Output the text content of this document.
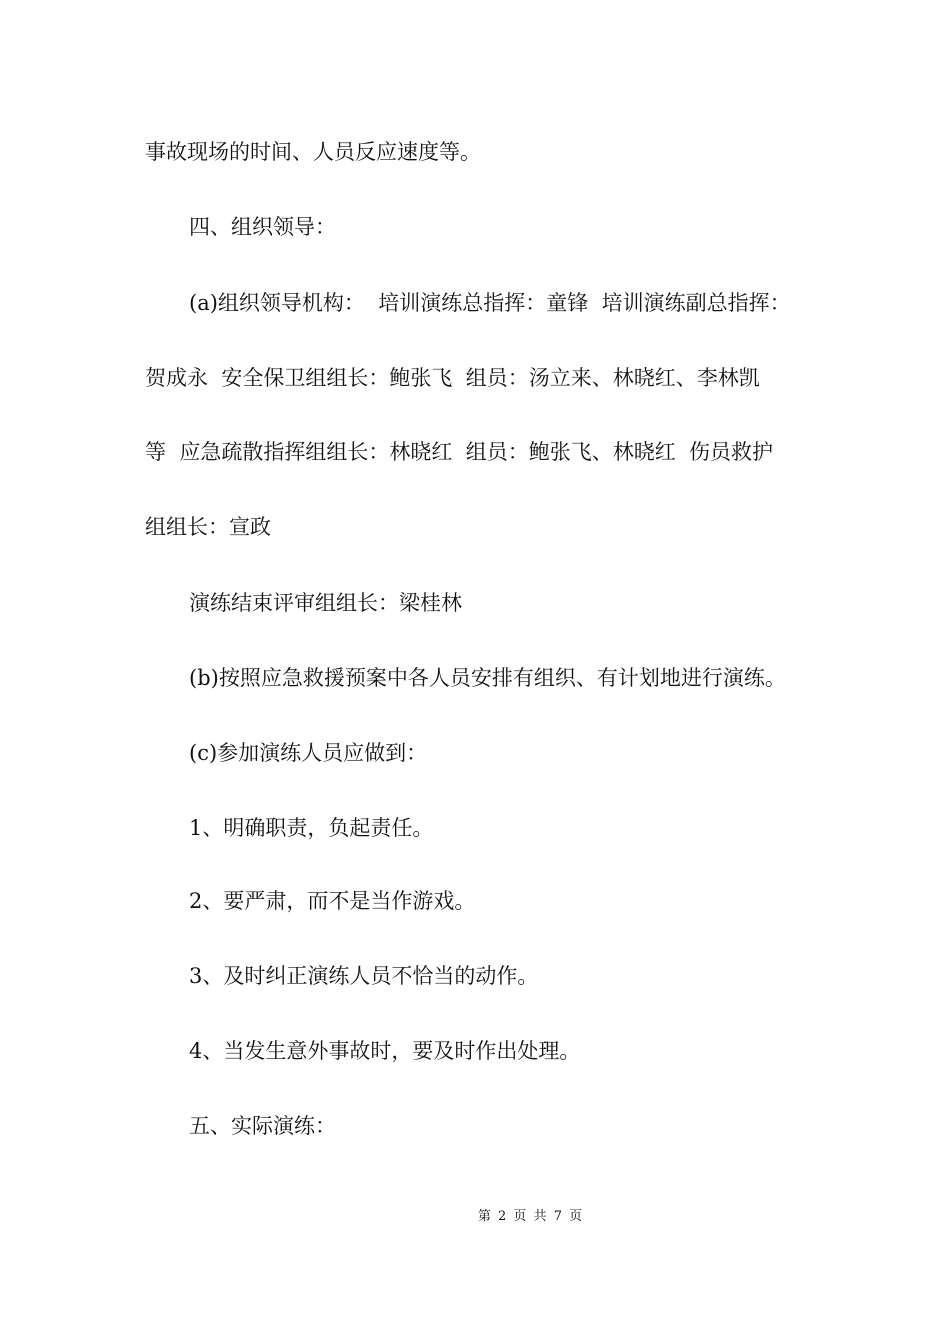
事故现场的时间、人员反应速度等。
四、组织领导：
(a)组织领导机构：  培训演练总指挥：童锋  培训演练副总指挥：
贺成永  安全保卫组组长：鲍张飞  组员：汤立来、林晓红、李林凯
等  应急疏散指挥组组长：林晓红  组员：鲍张飞、林晓红  伤员救护
组组长：宣政
演练结束评审组组长：梁桂林
(b)按照应急救援预案中各人员安排有组织、有计划地进行演练。
(c)参加演练人员应做到：
1、明确职责，负起责任。
2、要严肃，而不是当作游戏。
3、及时纠正演练人员不恰当的动作。
4、当发生意外事故时，要及时作出处理。
五、实际演练：
第 2 页 共 7 页
